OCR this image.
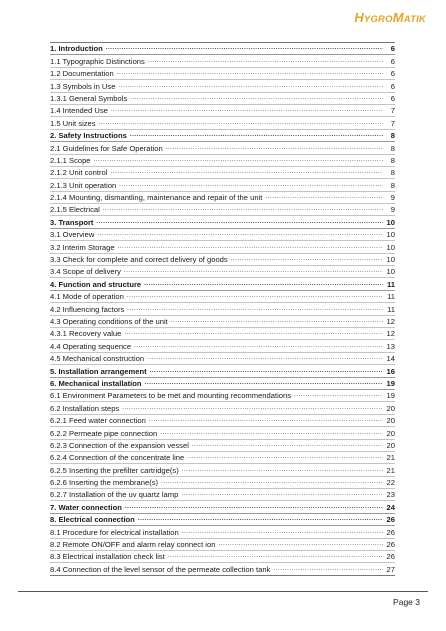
HYGROMATIK
1. Introduction .....	6
1.1 Typographic Distinctions .....	6
1.2 Documentation .....	6
1.3 Symbols in Use .....	6
1.3.1 General Symbols .....	6
1.4 Intended Use .....	7
1.5 Unit sizes .....	7
2. Safety Instructions .....	8
2.1 Guidelines for Safe Operation .....	8
2.1.1 Scope .....	8
2.1.2 Unit control .....	8
2.1.3 Unit operation .....	8
2.1.4 Mounting, dismantling, maintenance and repair of the unit .....	9
2.1.5 Electrical .....	9
3. Transport .....	10
3.1 Overview .....	10
3.2 Interim Storage .....	10
3.3 Check for complete and correct delivery of goods .....	10
3.4 Scope of delivery .....	10
4. Function and structure .....	11
4.1 Mode of operation .....	11
4.2 Influencing factors .....	11
4.3 Operating conditions of the unit .....	12
4.3.1 Recovery value .....	12
4.4 Operating sequence .....	13
4.5 Mechanical construction .....	14
5. Installation arrangement .....	16
6. Mechanical installation .....	19
6.1 Environment Parameters to be met and mounting recommendations .....	19
6.2 Installation steps .....	20
6.2.1 Feed water connection .....	20
6.2.2 Permeate pipe connection .....	20
6.2.3 Connection of the expansion vessel .....	20
6.2.4 Connection of the concentrate line .....	21
6.2.5 Inserting the prefilter cartridge(s) .....	21
6.2.6 Inserting the membrane(s) .....	22
6.2.7 Installation of the uv quartz lamp .....	23
7. Water connection .....	24
8. Electrical connection .....	26
8.1 Procedure for electrical installation .....	26
8.2 Remote ON/OFF and alarm relay connect ion .....	26
8.3 Electrical installation check list .....	26
8.4 Connection of the level sensor of the permeate collection tank .....	27
Page 3
